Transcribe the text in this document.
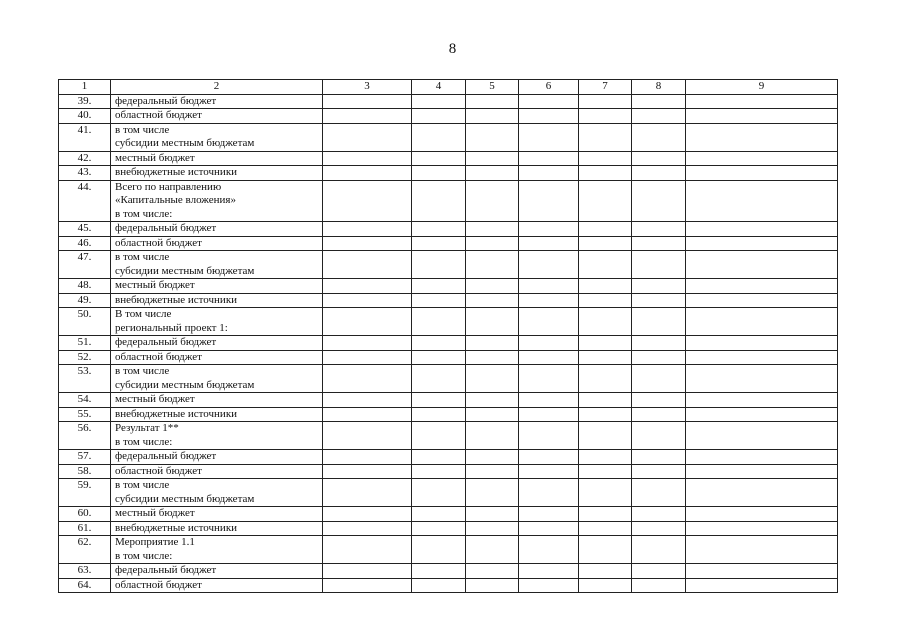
8
1	2	3	4	5	6	7	8	9
39.	федеральный бюджет							
40.	областной бюджет							
41.	в том числе
субсидии местным бюджетам							
42.	местный бюджет							
43.	внебюджетные источники							
44.	Всего по направлению
«Капитальные вложения»
в том числе:							
45.	федеральный бюджет							
46.	областной бюджет							
47.	в том числе
субсидии местным бюджетам							
48.	местный бюджет							
49.	внебюджетные источники							
50.	В том числе
региональный проект 1:							
51.	федеральный бюджет							
52.	областной бюджет							
53.	в том числе
субсидии местным бюджетам							
54.	местный бюджет							
55.	внебюджетные источники							
56.	Результат 1**
в том числе:							
57.	федеральный бюджет							
58.	областной бюджет							
59.	в том числе
субсидии местным бюджетам							
60.	местный бюджет							
61.	внебюджетные источники							
62.	Мероприятие 1.1
в том числе:							
63.	федеральный бюджет							
64.	областной бюджет							
